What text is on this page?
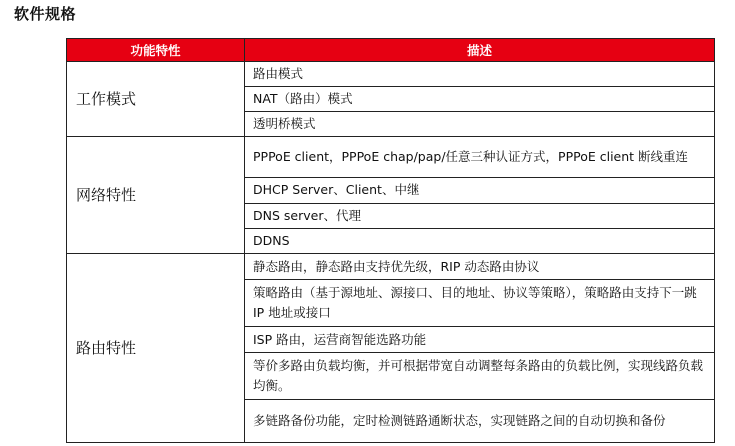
软件规格
功能特性	描述
工作模式	路由模式
	NAT（路由）模式
	透明桥模式
网络特性	PPPoE client，PPPoE chap/pap/任意三种认证方式，PPPoE client 断线重连
	DHCP Server、Client、中继
	DNS server、代理
	DDNS
路由特性	静态路由，静态路由支持优先级，RIP 动态路由协议
	策略路由（基于源地址、源接口、目的地址、协议等策略），策略路由支持下一跳 IP 地址或接口
	ISP 路由，运营商智能选路功能
	等价多路由负载均衡，并可根据带宽自动调整每条路由的负载比例，实现线路负载均衡。
	多链路备份功能，定时检测链路通断状态，实现链路之间的自动切换和备份
